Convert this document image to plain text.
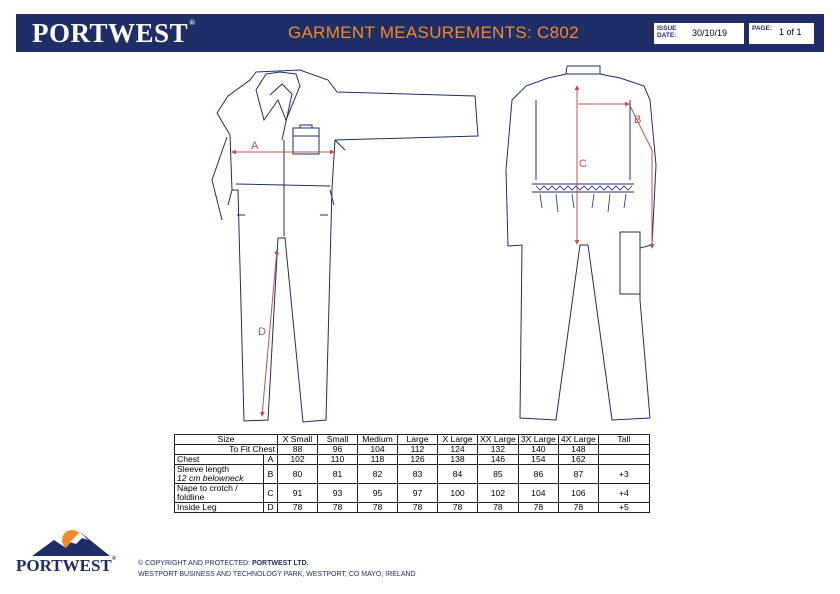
PORTWEST®
GARMENT MEASUREMENTS: C802	ISSUE
DATE: 30/10/19	PAGE: 1 of 1
A
D
B
C
Size		X Small	Small	Medium	Large	X Large	XX Large	3X Large	4X Large	Tall
To Fit Chest		88	96	104	112	124	132	140	148	
Chest	A	102	110	118	126	138	146	154	162	
Sleeve length
12 cm belowneck	B	80	81	82	83	84	85	86	87	+3
Nape to crotch /
foldline	C	91	93	95	97	100	102	104	106	+4
Inside Leg	D	78	78	78	78	78	78	78	78	+5
PORTWEST®
© COPYRIGHT AND PROTECTED: PORTWEST LTD.
WESTPORT BUSINESS AND TECHNOLOGY PARK, WESTPORT, CO MAYO, IRELAND
